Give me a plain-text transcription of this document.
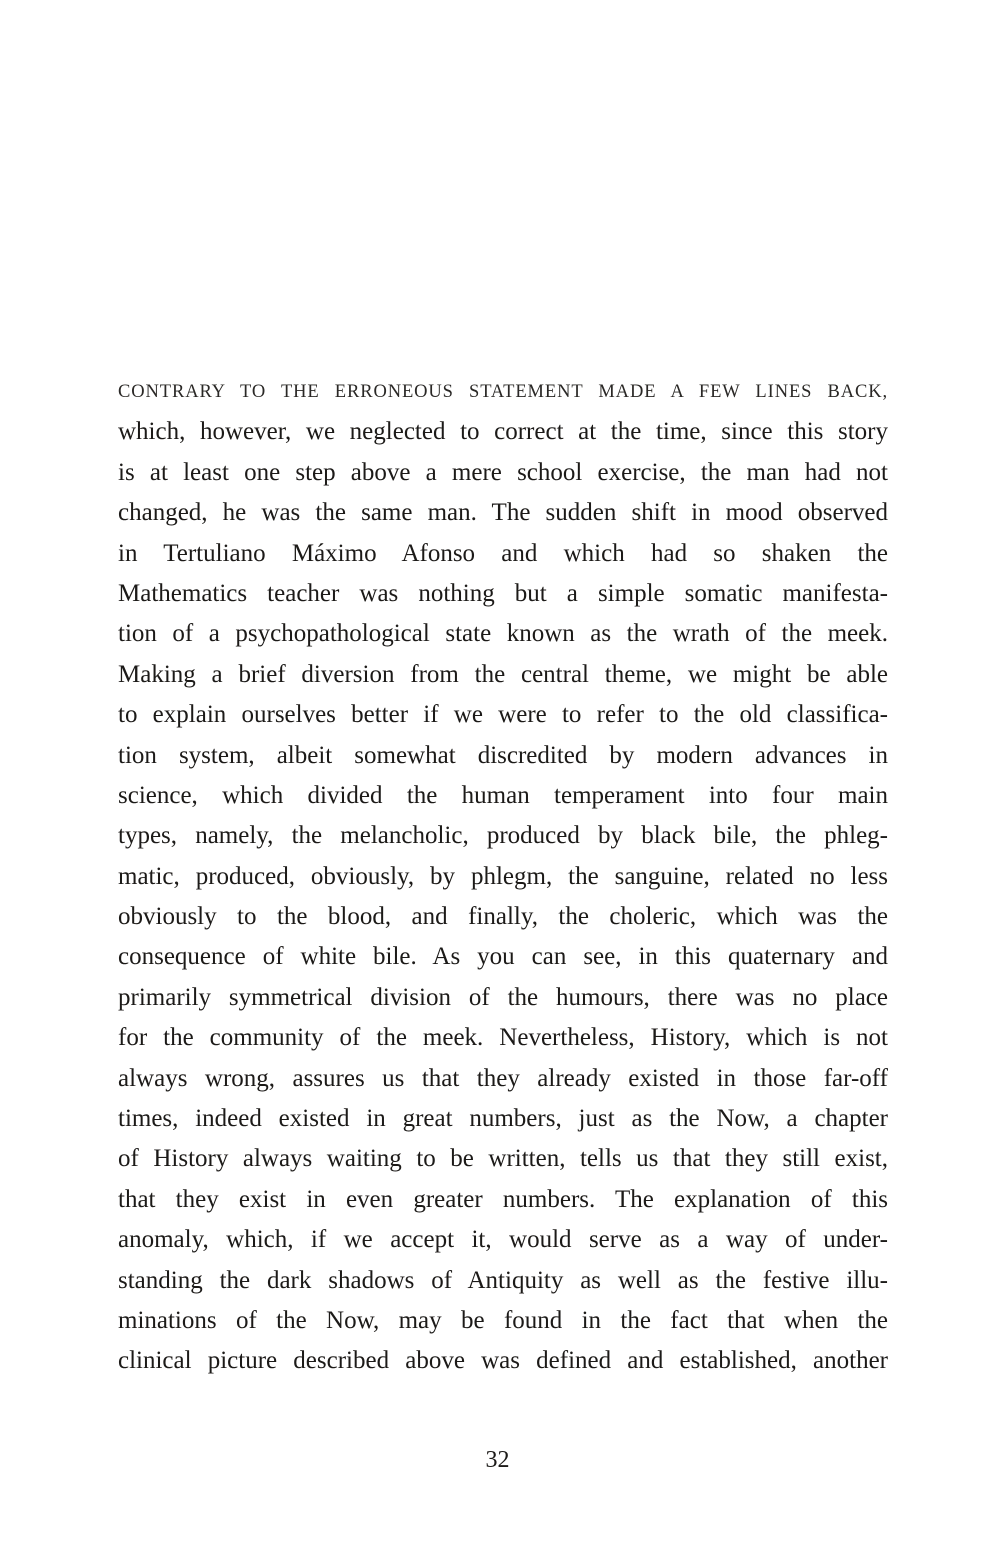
CONTRARY TO THE ERRONEOUS STATEMENT MADE A FEW LINES BACK,
which, however, we neglected to correct at the time, since this story
is at least one step above a mere school exercise, the man had not
changed, he was the same man. The sudden shift in mood observed
in Tertuliano Máximo Afonso and which had so shaken the
Mathematics teacher was nothing but a simple somatic manifesta-
tion of a psychopathological state known as the wrath of the meek.
Making a brief diversion from the central theme, we might be able
to explain ourselves better if we were to refer to the old classifica-
tion system, albeit somewhat discredited by modern advances in
science, which divided the human temperament into four main
types, namely, the melancholic, produced by black bile, the phleg-
matic, produced, obviously, by phlegm, the sanguine, related no less
obviously to the blood, and finally, the choleric, which was the
consequence of white bile. As you can see, in this quaternary and
primarily symmetrical division of the humours, there was no place
for the community of the meek. Nevertheless, History, which is not
always wrong, assures us that they already existed in those far-off
times, indeed existed in great numbers, just as the Now, a chapter
of History always waiting to be written, tells us that they still exist,
that they exist in even greater numbers. The explanation of this
anomaly, which, if we accept it, would serve as a way of under-
standing the dark shadows of Antiquity as well as the festive illu-
minations of the Now, may be found in the fact that when the
clinical picture described above was defined and established, another
32
